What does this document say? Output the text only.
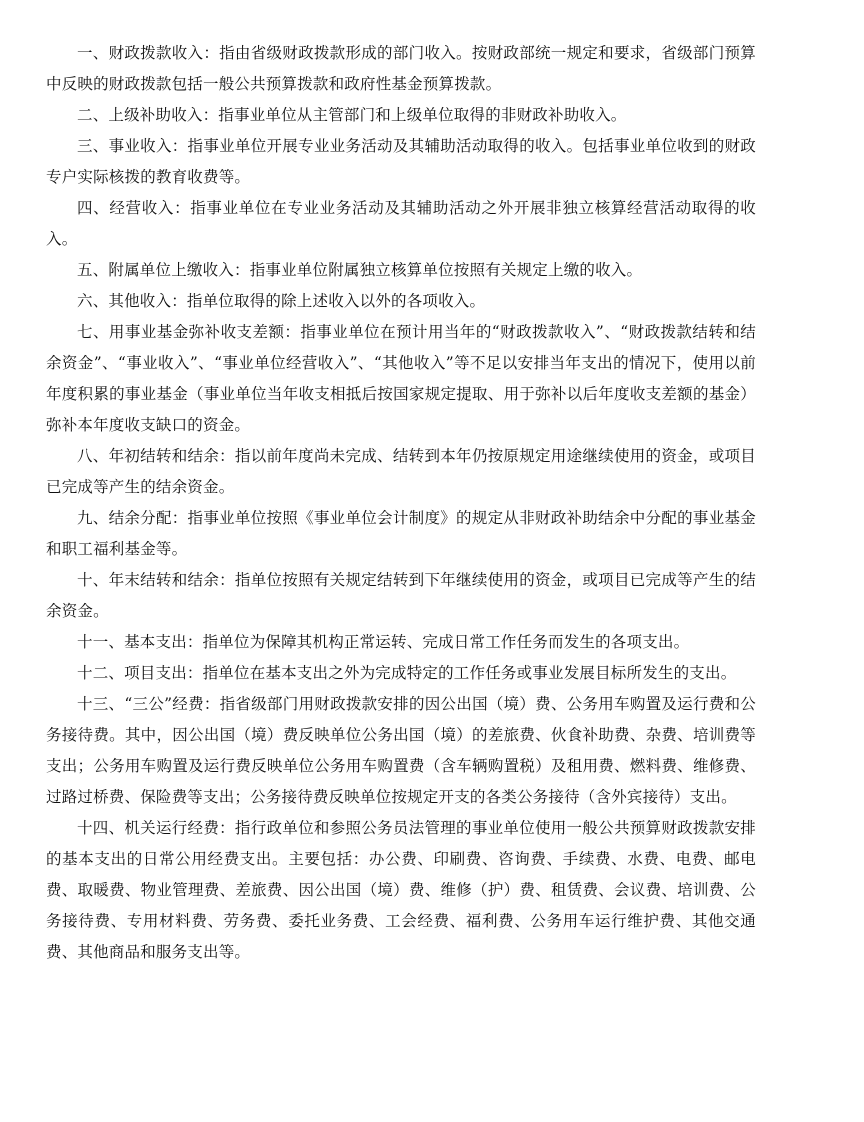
一、财政拨款收入：指由省级财政拨款形成的部门收入。按财政部统一规定和要求，省级部门预算中反映的财政拨款包括一般公共预算拨款和政府性基金预算拨款。

二、上级补助收入：指事业单位从主管部门和上级单位取得的非财政补助收入。

三、事业收入：指事业单位开展专业业务活动及其辅助活动取得的收入。包括事业单位收到的财政专户实际核拨的教育收费等。

四、经营收入：指事业单位在专业业务活动及其辅助活动之外开展非独立核算经营活动取得的收入。

五、附属单位上缴收入：指事业单位附属独立核算单位按照有关规定上缴的收入。

六、其他收入：指单位取得的除上述收入以外的各项收入。

七、用事业基金弥补收支差额：指事业单位在预计用当年的“财政拨款收入”、“财政拨款结转和结余资金”、“事业收入”、“事业单位经营收入”、“其他收入”等不足以安排当年支出的情况下，使用以前年度积累的事业基金（事业单位当年收支相抵后按国家规定提取、用于弥补以后年度收支差额的基金）弥补本年度收支缺口的资金。

八、年初结转和结余：指以前年度尚未完成、结转到本年仍按原规定用途继续使用的资金，或项目已完成等产生的结余资金。

九、结余分配：指事业单位按照《事业单位会计制度》的规定从非财政补助结余中分配的事业基金和职工福利基金等。

十、年末结转和结余：指单位按照有关规定结转到下年继续使用的资金，或项目已完成等产生的结余资金。

十一、基本支出：指单位为保障其机构正常运转、完成日常工作任务而发生的各项支出。

十二、项目支出：指单位在基本支出之外为完成特定的工作任务或事业发展目标所发生的支出。

十三、“三公”经费：指省级部门用财政拨款安排的因公出国（境）费、公务用车购置及运行费和公务接待费。其中，因公出国（境）费反映单位公务出国（境）的差旅费、伙食补助费、杂费、培训费等支出；公务用车购置及运行费反映单位公务用车购置费（含车辆购置税）及租用费、燃料费、维修费、过路过桥费、保险费等支出；公务接待费反映单位按规定开支的各类公务接待（含外宾接待）支出。

十四、机关运行经费：指行政单位和参照公务员法管理的事业单位使用一般公共预算财政拨款安排的基本支出的日常公用经费支出。主要包括：办公费、印刷费、咨询费、手续费、水费、电费、邮电费、取暖费、物业管理费、差旅费、因公出国（境）费、维修（护）费、租赁费、会议费、培训费、公务接待费、专用材料费、劳务费、委托业务费、工会经费、福利费、公务用车运行维护费、其他交通费、其他商品和服务支出等。
